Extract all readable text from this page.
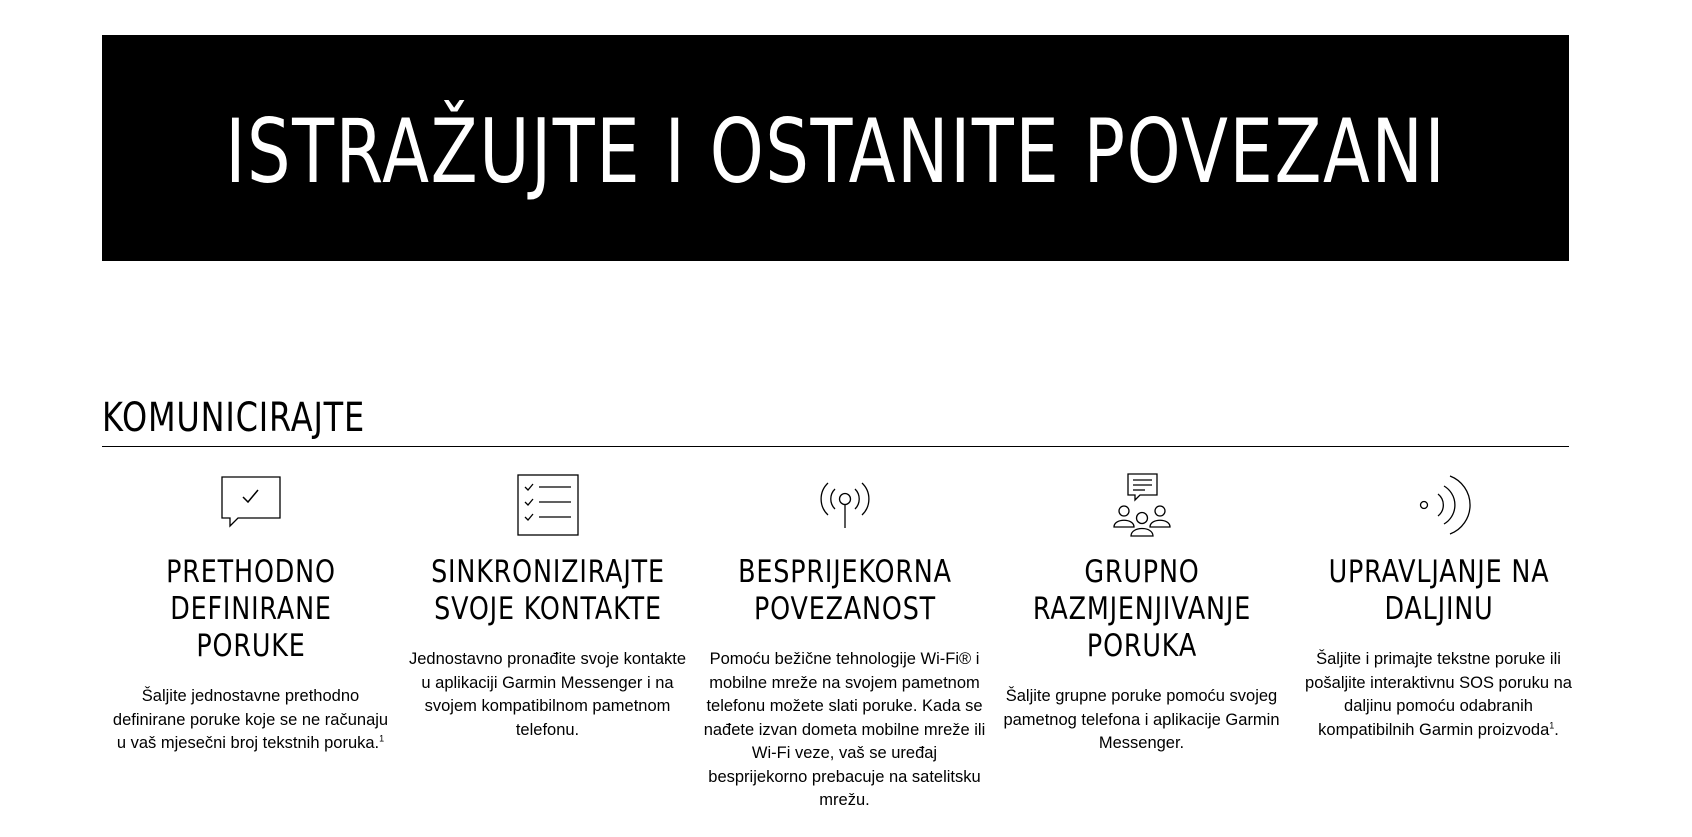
ISTRAŽUJTE I OSTANITE POVEZANI
KOMUNICIRAJTE
PRETHODNO DEFINIRANE PORUKE
Šaljite jednostavne prethodno definirane poruke koje se ne računaju u vaš mjesečni broj tekstnih poruka.$^1$
SINKRONIZIRAJTE SVOJE KONTAKTE
Jednostavno pronađite svoje kontakte u aplikaciji Garmin Messenger i na svojem kompatibilnom pametnom telefonu.
BESPRIJEKORNA POVEZANOST
Pomoću bežične tehnologije Wi-Fi® i mobilne mreže na svojem pametnom telefonu možete slati poruke. Kada se nađete izvan dometa mobilne mreže ili Wi-Fi veze, vaš se uređaj besprijekorno prebacuje na satelitsku mrežu.
GRUPNO RAZMJENJIVANJE PORUKA
Šaljite grupne poruke pomoću svojeg pametnog telefona i aplikacije Garmin Messenger.
UPRAVLJANJE NA DALJINU
Šaljite i primajte tekstne poruke ili pošaljite interaktivnu SOS poruku na daljinu pomoću odabranih kompatibilnih Garmin proizvoda$^1$.
